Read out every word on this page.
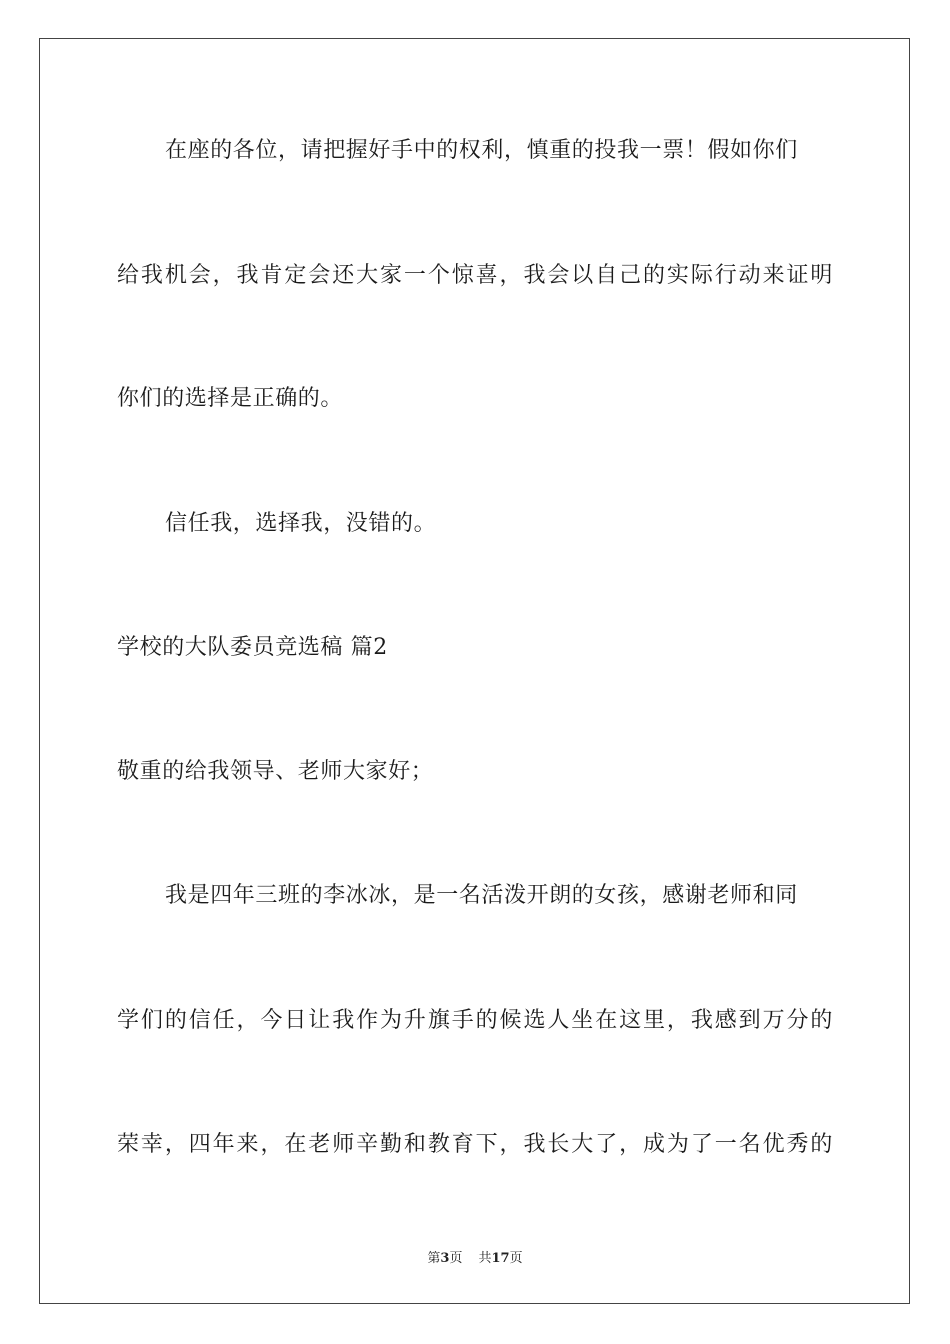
在座的各位，请把握好手中的权利，慎重的投我一票！假如你们
给我机会，我肯定会还大家一个惊喜，我会以自己的实际行动来证明
你们的选择是正确的。
信任我，选择我，没错的。
学校的大队委员竞选稿 篇2
敬重的给我领导、老师大家好；
我是四年三班的李冰冰，是一名活泼开朗的女孩，感谢老师和同
学们的信任，今日让我作为升旗手的候选人坐在这里，我感到万分的
荣幸，四年来，在老师辛勤和教育下，我长大了，成为了一名优秀的
第3页 共17页
